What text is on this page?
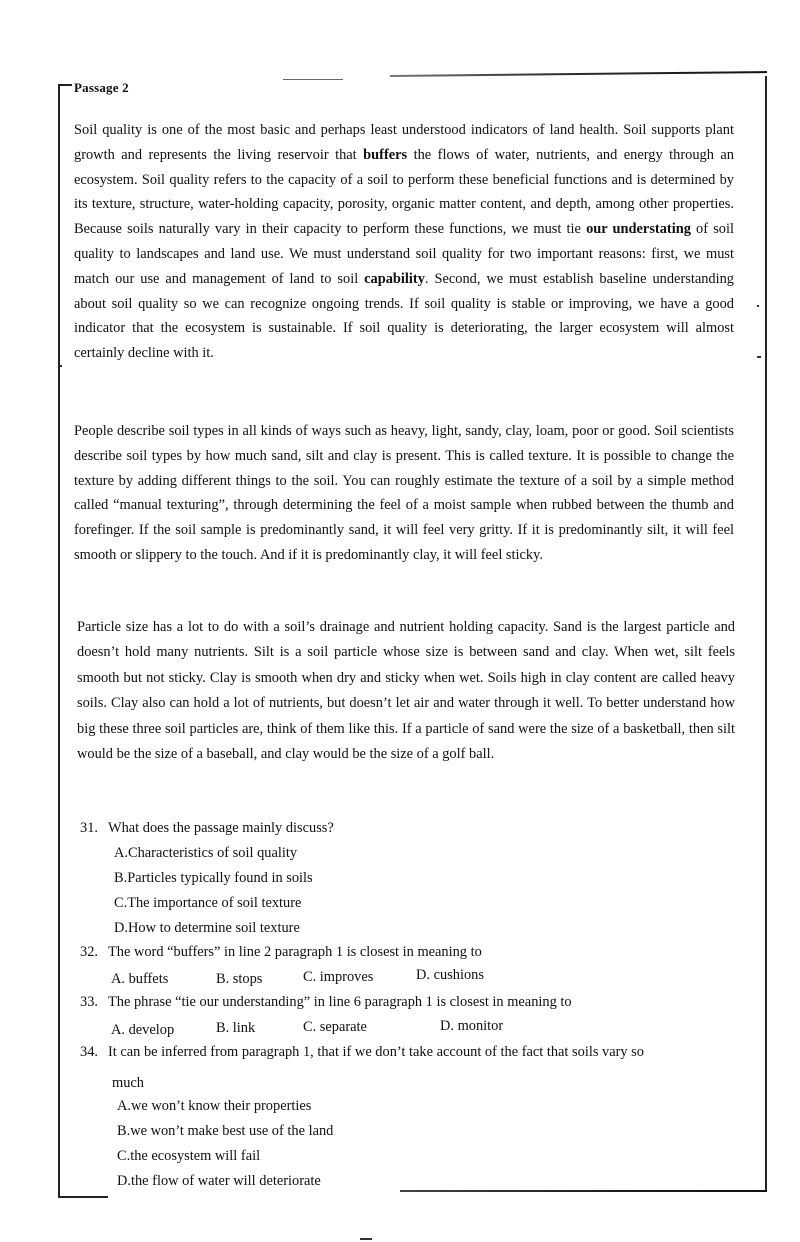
Passage 2
Soil quality is one of the most basic and perhaps least understood indicators of land health. Soil supports plant growth and represents the living reservoir that buffers the flows of water, nutrients, and energy through an ecosystem. Soil quality refers to the capacity of a soil to perform these beneficial functions and is determined by its texture, structure, water-holding capacity, porosity, organic matter content, and depth, among other properties. Because soils naturally vary in their capacity to perform these functions, we must tie our understating of soil quality to landscapes and land use. We must understand soil quality for two important reasons: first, we must match our use and management of land to soil capability. Second, we must establish baseline understanding about soil quality so we can recognize ongoing trends. If soil quality is stable or improving, we have a good indicator that the ecosystem is sustainable. If soil quality is deteriorating, the larger ecosystem will almost certainly decline with it.
People describe soil types in all kinds of ways such as heavy, light, sandy, clay, loam, poor or good. Soil scientists describe soil types by how much sand, silt and clay is present. This is called texture. It is possible to change the texture by adding different things to the soil. You can roughly estimate the texture of a soil by a simple method called “manual texturing”, through determining the feel of a moist sample when rubbed between the thumb and forefinger. If the soil sample is predominantly sand, it will feel very gritty. If it is predominantly silt, it will feel smooth or slippery to the touch. And if it is predominantly clay, it will feel sticky.
Particle size has a lot to do with a soil’s drainage and nutrient holding capacity. Sand is the largest particle and doesn’t hold many nutrients. Silt is a soil particle whose size is between sand and clay. When wet, silt feels smooth but not sticky. Clay is smooth when dry and sticky when wet. Soils high in clay content are called heavy soils. Clay also can hold a lot of nutrients, but doesn’t let air and water through it well. To better understand how big these three soil particles are, think of them like this. If a particle of sand were the size of a basketball, then silt would be the size of a baseball, and clay would be the size of a golf ball.
31. What does the passage mainly discuss?
A.Characteristics of soil quality
B.Particles typically found in soils
C.The importance of soil texture
D.How to determine soil texture
32. The word “buffers” in line 2 paragraph 1 is closest in meaning to
A. buffets	B. stops	C. improves	D. cushions
33. The phrase “tie our understanding” in line 6 paragraph 1 is closest in meaning to
A. develop	B. link	C. separate	D. monitor
34. It can be inferred from paragraph 1, that if we don’t take account of the fact that soils vary so
much
A.we won’t know their properties
B.we won’t make best use of the land
C.the ecosystem will fail
D.the flow of water will deteriorate
